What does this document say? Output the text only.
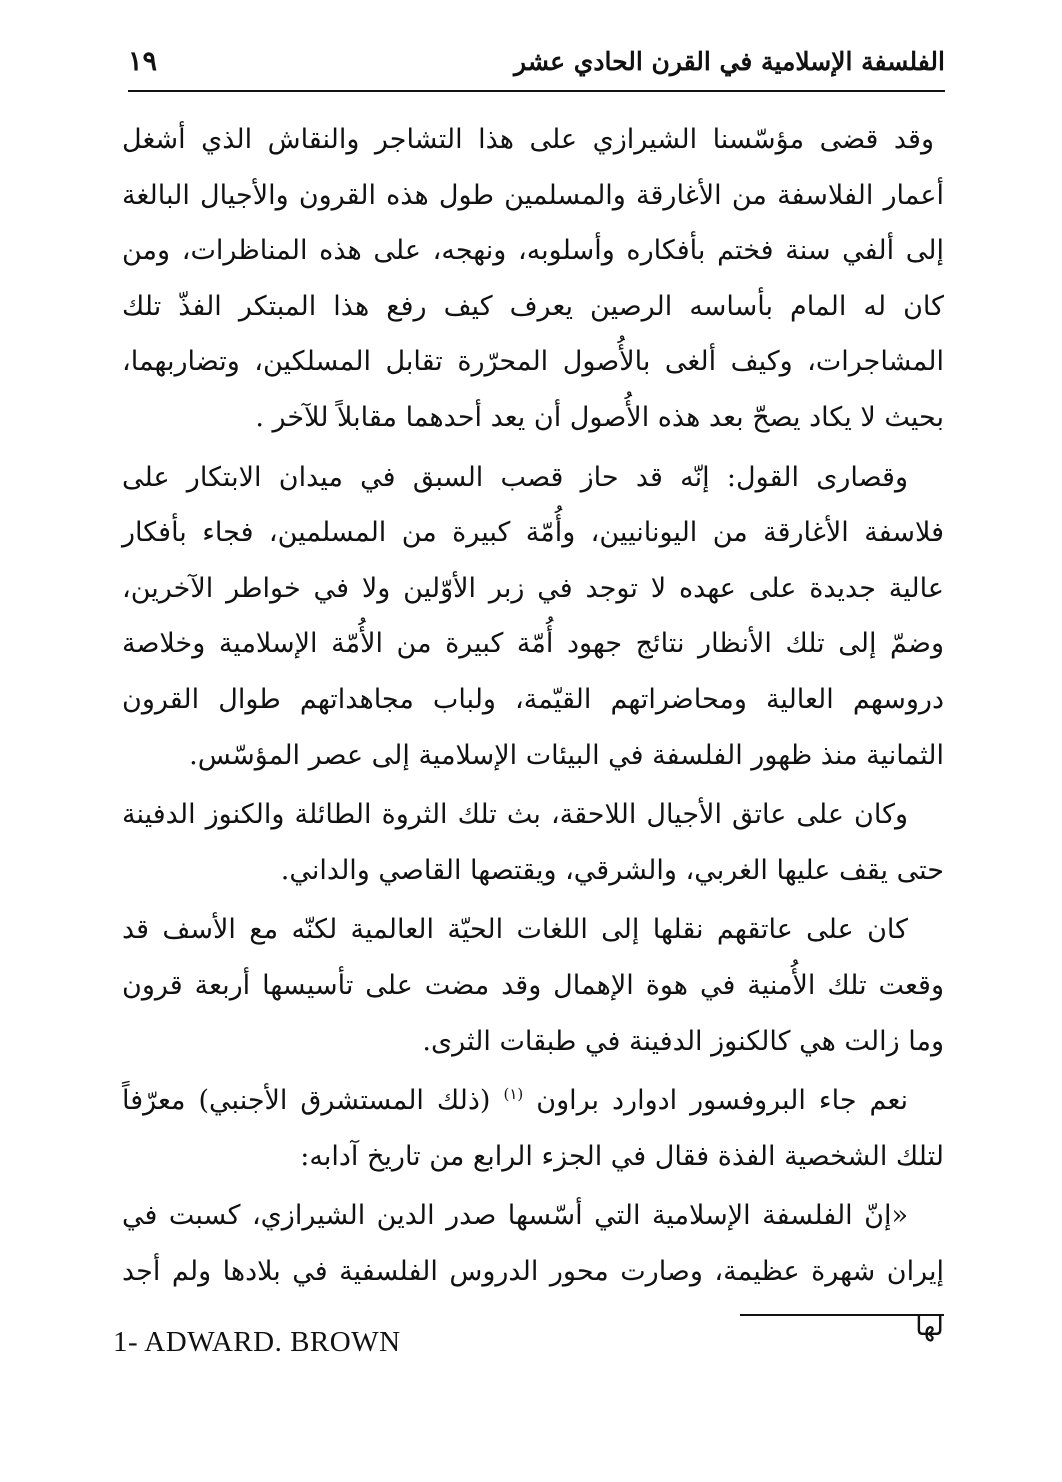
الفلسفة الإسلامية في القرن الحادي عشر
١٩

وقد قضى مؤسّسنا الشيرازي على هذا التشاجر والنقاش الذي أشغل أعمار الفلاسفة من الأغارقة والمسلمين طول هذه القرون والأجيال البالغة إلى ألفي سنة فختم بأفكاره وأسلوبه، ونهجه، على هذه المناظرات، ومن كان له المام بأساسه الرصين يعرف كيف رفع هذا المبتكر الفذّ تلك المشاجرات، وكيف ألغى بالأُصول المحرّرة تقابل المسلكين، وتضاربهما، بحيث لا يكاد يصحّ بعد هذه الأُصول أن يعد أحدهما مقابلاً للآخر .

وقصارى القول: إنّه قد حاز قصب السبق في ميدان الابتكار على فلاسفة الأغارقة من اليونانيين، وأُمّة كبيرة من المسلمين، فجاء بأفكار عالية جديدة على عهده لا توجد في زبر الأوّلين ولا في خواطر الآخرين، وضمّ إلى تلك الأنظار نتائج جهود أُمّة كبيرة من الأُمّة الإسلامية وخلاصة دروسهم العالية ومحاضراتهم القيّمة، ولباب مجاهداتهم طوال القرون الثمانية منذ ظهور الفلسفة في البيئات الإسلامية إلى عصر المؤسّس.

وكان على عاتق الأجيال اللاحقة، بث تلك الثروة الطائلة والكنوز الدفينة حتى يقف عليها الغربي، والشرقي، ويقتصها القاصي والداني.

كان على عاتقهم نقلها إلى اللغات الحيّة العالمية لكنّه مع الأسف قد وقعت تلك الأُمنية في هوة الإهمال وقد مضت على تأسيسها أربعة قرون وما زالت هي كالكنوز الدفينة في طبقات الثرى.

نعم جاء البروفسور ادوارد براون $^{(١)}$ (ذلك المستشرق الأجنبي) معرّفاً لتلك الشخصية الفذة فقال في الجزء الرابع من تاريخ آدابه:

«إنّ الفلسفة الإسلامية التي أسّسها صدر الدين الشيرازي، كسبت في إيران شهرة عظيمة، وصارت محور الدروس الفلسفية في بلادها ولم أجد لها

1- ADWARD. BROWN
